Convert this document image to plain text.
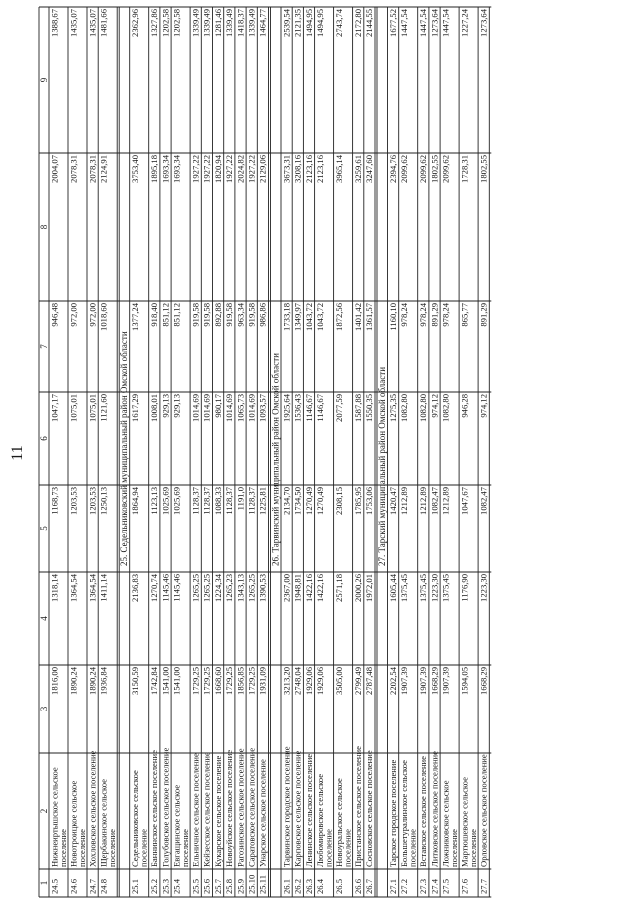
11
1
2
3
4
5
6
7
8
9
24.5
Нижнеиртышское сельское
поселение
1816,00
1318,14
1168,73
1047,17
946,48
2004,07
1388,67
24.6
Новотроицкое сельское
поселение
1890,24
1364,54
1203,53
1075,01
972,00
2078,31
1435,07
24.7
Хохловское сельское поселение
1890,24
1364,54
1203,53
1075,01
972,00
2078,31
1435,07
24.8
Щербакинское сельское
поселение
1936,84
1411,14
1250,13
1121,60
1018,60
2124,91
1481,66
25. Седельниковский муниципальный район Омской области
25.1
Седельниковское сельское
поселение
3150,59
2136,83
1864,94
1617,29
1377,24
3753,40
2362,96
25.2
Баннинское сельское поселение
1742,84
1270,74
1123,13
1008,01
918,40
1895,18
1327,86
25.3
Голубовское сельское поселение
1541,00
1145,46
1025,69
929,13
851,12
1693,34
1202,58
25.4
Евгащинское сельское
поселение
1541,00
1145,46
1025,69
929,13
851,12
1693,34
1202,58
25.5
Ельничное сельское поселение
1729,25
1265,25
1128,37
1014,69
919,58
1927,22
1339,49
25.6
Кейзесское сельское поселение
1729,25
1265,25
1128,37
1014,69
919,58
1927,22
1339,49
25.7
Кукарское сельское поселение
1668,60
1224,34
1088,33
980,17
892,88
1820,94
1281,46
25.8
Новоуйское сельское поселение
1729,25
1265,23
1128,37
1014,69
919,58
1927,22
1339,49
25.9
Рагозинское сельское поселение
1856,85
1343,13
1191,0
1065,73
963,34
2024,82
1418,37
25.10
Саратовское сельское поселение
1729,25
1265,25
1128,37
1014,69
919,58
1927,22
1339,49
25.11
Унарское сельское поселение
1931,09
1390,53
1225,81
1093,57
986,86
2129,06
1464,77
26. Тарвинский муниципальный район Омской области
26.1
Тарвинское городское поселение
3213,20
2367,00
2134,70
1925,64
1733,18
3673,31
2539,54
26.2
Карповское сельское поселение
2748,04
1948,81
1734,50
1536,43
1349,97
3208,16
2121,35
26.3
Ленинское сельское поселение
1929,06
1422,16
1270,49
1146,67
1043,72
2123,16
1494,95
26.4
Любомировское сельское
поселение
1929,06
1422,16
1270,49
1146,67
1043,72
2123,16
1494,95
26.5
Новоуральское сельское
поселение
3505,00
2571,18
2308,15
2077,59
1872,56
3965,14
2743,74
26.6
Пристанское сельское поселение
2799,49
2000,26
1785,95
1587,88
1401,42
3259,61
2172,80
26.7
Сосновское сельское поселение
2787,48
1972,01
1753,06
1550,35
1361,57
3247,60
2144,55
27. Тарский муниципальный район Омской области
27.1
Тарское городское поселение
2202,54
1605,44
1420,47
1275,35
1160,10
2394,76
1677,52
27.2
Большетуралинское сельское
поселение
1907,39
1375,45
1212,89
1082,80
978,24
2099,62
1447,54
27.3
Вставское сельское поселение
1907,39
1375,45
1212,89
1082,80
978,24
2099,62
1447,54
27.4
Литковское сельское поселение
1668,29
1223,30
1082,47
974,12
891,29
1802,55
1273,64
27.5
Ложниковское сельское
поселение
1907,39
1375,45
1212,89
1082,80
978,24
2099,62
1447,54
27.6
Мартюшевское сельское
поселение
1594,05
1176,90
1047,67
946,28
865,77
1728,31
1227,24
27.7
Орловское сельское поселение
1668,29
1223,30
1082,47
974,12
891,29
1802,55
1273,64
